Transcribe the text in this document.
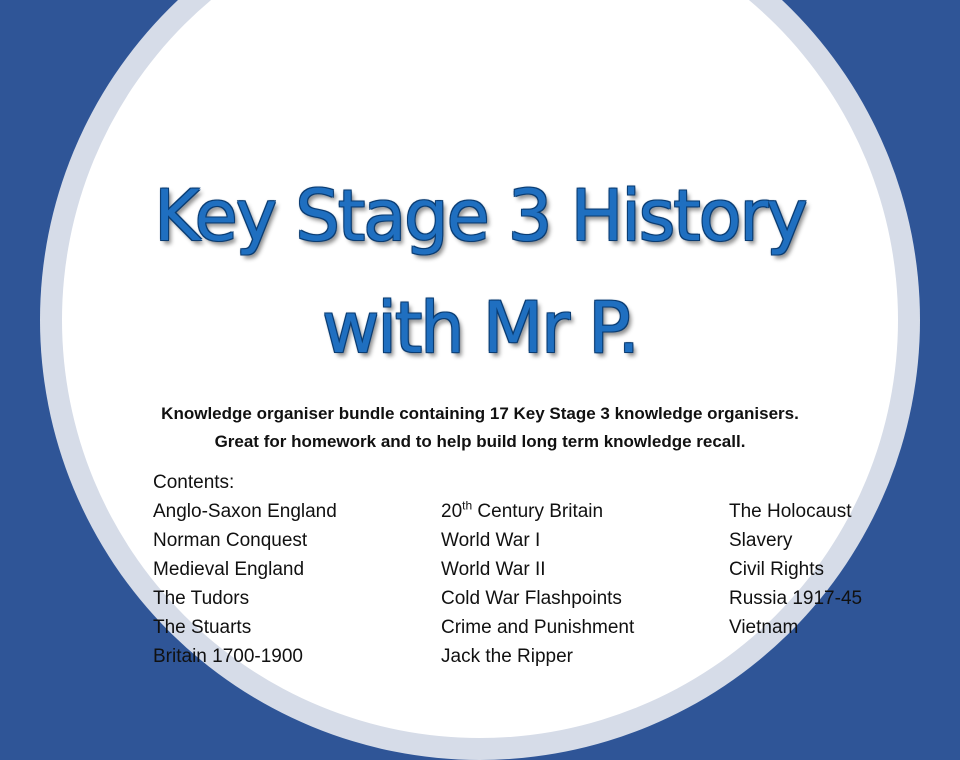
Key Stage 3 History
with Mr P.
Knowledge organiser bundle containing 17 Key Stage 3 knowledge organisers.
Great for homework and to help build long term knowledge recall.
Contents:
Anglo-Saxon England
Norman Conquest
Medieval England
The Tudors
The Stuarts
Britain 1700-1900
20th Century Britain
World War I
World War II
Cold War Flashpoints
Crime and Punishment
Jack the Ripper
The Holocaust
Slavery
Civil Rights
Russia 1917-45
Vietnam
